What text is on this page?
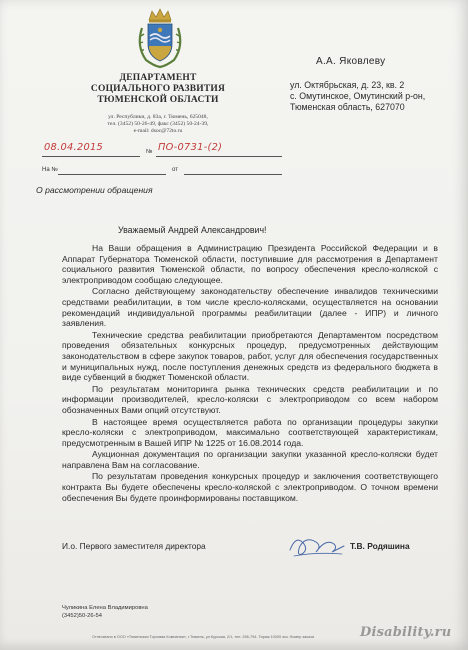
ДЕПАРТАМЕНТ
СОЦИАЛЬНОГО РАЗВИТИЯ
ТЮМЕНСКОЙ ОБЛАСТИ
ул. Республики, д. 83а, г. Тюмень, 625048,
тел. (3452) 50-26-49, факс (3452) 50-24-39,
e-mail: dsoc@72to.ru
А.А. Яковлеву
ул. Октябрьская, д. 23, кв. 2
с. Омутинское, Омутинский р-он,
Тюменская область, 627070
08.04.2015	№ ПО-0731-(2)
На №	от
О рассмотрении обращения
Уважаемый Андрей Александрович!

На Ваши обращения в Администрацию Президента Российской Федерации и в Аппарат Губернатора Тюменской области, поступившие для рассмотрения в Департамент социального развития Тюменской области, по вопросу обеспечения кресло-коляской с электроприводом сообщаю следующее.

Согласно действующему законодательству обеспечение инвалидов техническими средствами реабилитации, в том числе кресло-колясками, осуществляется на основании рекомендаций индивидуальной программы реабилитации (далее - ИПР) и личного заявления.

Технические средства реабилитации приобретаются Департаментом посредством проведения обязательных конкурсных процедур, предусмотренных действующим законодательством в сфере закупок товаров, работ, услуг для обеспечения государственных и муниципальных нужд, после поступления денежных средств из федерального бюджета в виде субвенций в бюджет Тюменской области.

По результатам мониторинга рынка технических средств реабилитации и по информации производителей, кресло-коляски с электроприводом со всем набором обозначенных Вами опций отсутствуют.

В настоящее время осуществляется работа по организации процедуры закупки кресло-коляски с электроприводом, максимально соответствующей характеристикам, предусмотренным в Вашей ИПР № 1225 от 16.08.2014 года.

Аукционная документация по организации закупки указанной кресло-коляски будет направлена Вам на согласование.

По результатам проведения конкурсных процедур и заключения соответствующего контракта Вы будете обеспечены кресло-коляской с электроприводом. О точном времени обеспечения Вы будете проинформированы поставщиком.

И.о. Первого заместителя директора	Т.В. Родяшина
Чуликина Елена Владимировна
(3452)50-26-54
Отпечатано в ООО «Тюменская Торговая Компания», г.Тюмень, ул.Курская, 2/1, тел. 256-794. Тираж 10000 экз. Номер заказа	Disability.ru
